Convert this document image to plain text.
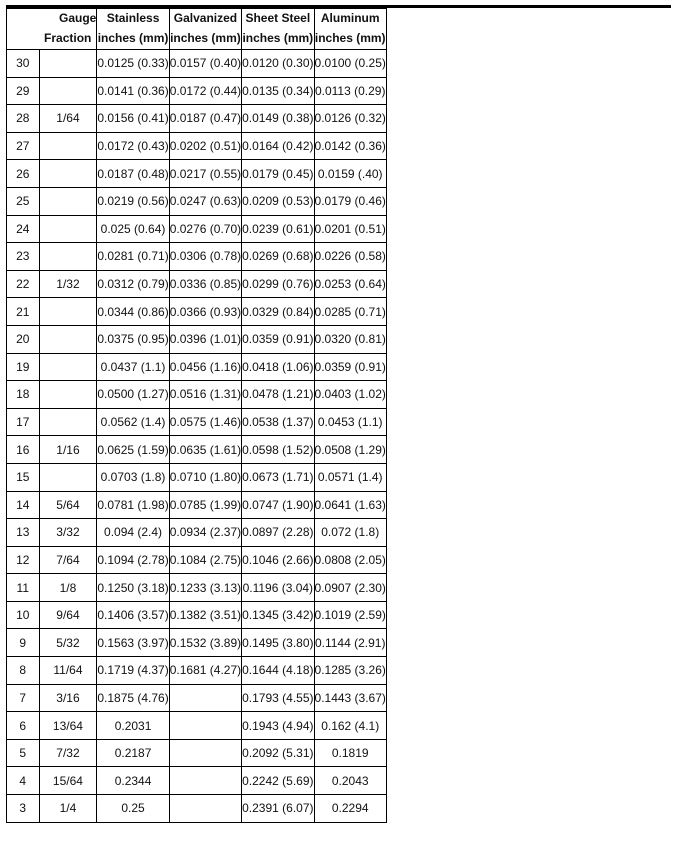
Gauge		Stainless	Galvanized	Sheet Steel	Aluminum
	Fraction	inches (mm)	inches (mm)	inches (mm)	inches (mm)
30		0.0125 (0.33)	0.0157 (0.40)	0.0120 (0.30)	0.0100 (0.25)
29		0.0141 (0.36)	0.0172 (0.44)	0.0135 (0.34)	0.0113 (0.29)
28	1/64	0.0156 (0.41)	0.0187 (0.47)	0.0149 (0.38)	0.0126 (0.32)
27		0.0172 (0.43)	0.0202 (0.51)	0.0164 (0.42)	0.0142 (0.36)
26		0.0187 (0.48)	0.0217 (0.55)	0.0179 (0.45)	0.0159 (.40)
25		0.0219 (0.56)	0.0247 (0.63)	0.0209 (0.53)	0.0179 (0.46)
24		0.025 (0.64)	0.0276 (0.70)	0.0239 (0.61)	0.0201 (0.51)
23		0.0281 (0.71)	0.0306 (0.78)	0.0269 (0.68)	0.0226 (0.58)
22	1/32	0.0312 (0.79)	0.0336 (0.85)	0.0299 (0.76)	0.0253 (0.64)
21		0.0344 (0.86)	0.0366 (0.93)	0.0329 (0.84)	0.0285 (0.71)
20		0.0375 (0.95)	0.0396 (1.01)	0.0359 (0.91)	0.0320 (0.81)
19		0.0437 (1.1)	0.0456 (1.16)	0.0418 (1.06)	0.0359 (0.91)
18		0.0500 (1.27)	0.0516 (1.31)	0.0478 (1.21)	0.0403 (1.02)
17		0.0562 (1.4)	0.0575 (1.46)	0.0538 (1.37)	0.0453 (1.1)
16	1/16	0.0625 (1.59)	0.0635 (1.61)	0.0598 (1.52)	0.0508 (1.29)
15		0.0703 (1.8)	0.0710 (1.80)	0.0673 (1.71)	0.0571 (1.4)
14	5/64	0.0781 (1.98)	0.0785 (1.99)	0.0747 (1.90)	0.0641 (1.63)
13	3/32	0.094 (2.4)	0.0934 (2.37)	0.0897 (2.28)	0.072 (1.8)
12	7/64	0.1094 (2.78)	0.1084 (2.75)	0.1046 (2.66)	0.0808 (2.05)
11	1/8	0.1250 (3.18)	0.1233 (3.13)	0.1196 (3.04)	0.0907 (2.30)
10	9/64	0.1406 (3.57)	0.1382 (3.51)	0.1345 (3.42)	0.1019 (2.59)
9	5/32	0.1563 (3.97)	0.1532 (3.89)	0.1495 (3.80)	0.1144 (2.91)
8	11/64	0.1719 (4.37)	0.1681 (4.27)	0.1644 (4.18)	0.1285 (3.26)
7	3/16	0.1875 (4.76)		0.1793 (4.55)	0.1443 (3.67)
6	13/64	0.2031		0.1943 (4.94)	0.162 (4.1)
5	7/32	0.2187		0.2092 (5.31)	0.1819
4	15/64	0.2344		0.2242 (5.69)	0.2043
3	1/4	0.25		0.2391 (6.07)	0.2294
